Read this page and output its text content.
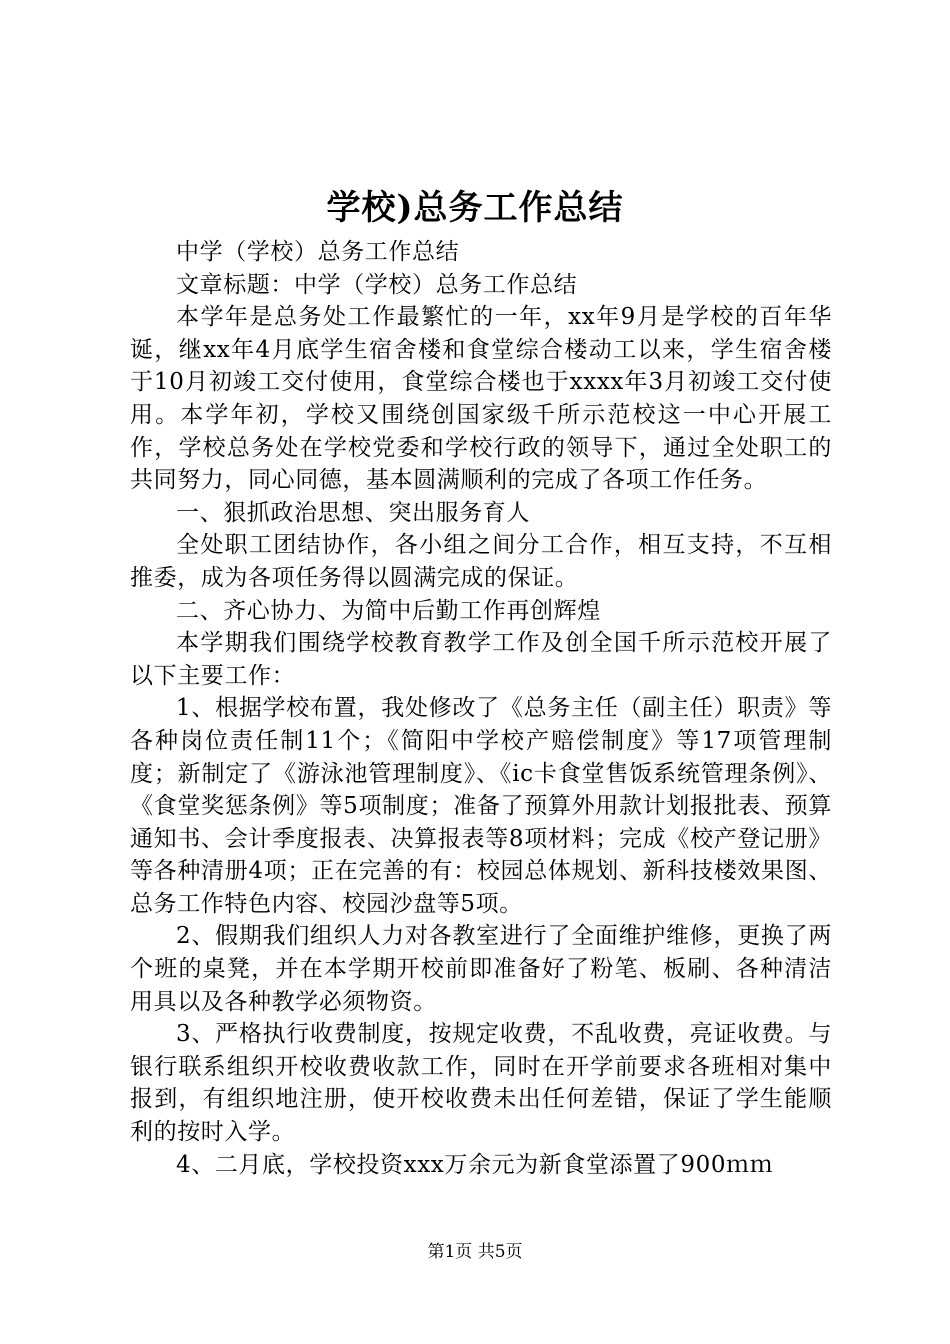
学校)总务工作总结

中学（学校）总务工作总结

文章标题：中学（学校）总务工作总结

本学年是总务处工作最繁忙的一年，xx年9月是学校的百年华诞，继xx年4月底学生宿舍楼和食堂综合楼动工以来，学生宿舍楼于10月初竣工交付使用，食堂综合楼也于xxxx年3月初竣工交付使用。本学年初，学校又围绕创国家级千所示范校这一中心开展工作，学校总务处在学校党委和学校行政的领导下，通过全处职工的共同努力，同心同德，基本圆满顺利的完成了各项工作任务。

一、狠抓政治思想、突出服务育人

全处职工团结协作，各小组之间分工合作，相互支持，不互相推委，成为各项任务得以圆满完成的保证。

二、齐心协力、为简中后勤工作再创辉煌

本学期我们围绕学校教育教学工作及创全国千所示范校开展了以下主要工作：

1、根据学校布置，我处修改了《总务主任（副主任）职责》等各种岗位责任制11个；《简阳中学校产赔偿制度》等17项管理制度；新制定了《游泳池管理制度》、《ic卡食堂售饭系统管理条例》、《食堂奖惩条例》等5项制度；准备了预算外用款计划报批表、预算通知书、会计季度报表、决算报表等8项材料；完成《校产登记册》等各种清册4项；正在完善的有：校园总体规划、新科技楼效果图、总务工作特色内容、校园沙盘等5项。

2、假期我们组织人力对各教室进行了全面维护维修，更换了两个班的桌凳，并在本学期开校前即准备好了粉笔、板刷、各种清洁用具以及各种教学必须物资。

3、严格执行收费制度，按规定收费，不乱收费，亮证收费。与银行联系组织开校收费收款工作，同时在开学前要求各班相对集中报到，有组织地注册，使开校收费未出任何差错，保证了学生能顺利的按时入学。

4、二月底，学校投资xxx万余元为新食堂添置了900ｍｍ

第1页 共5页
